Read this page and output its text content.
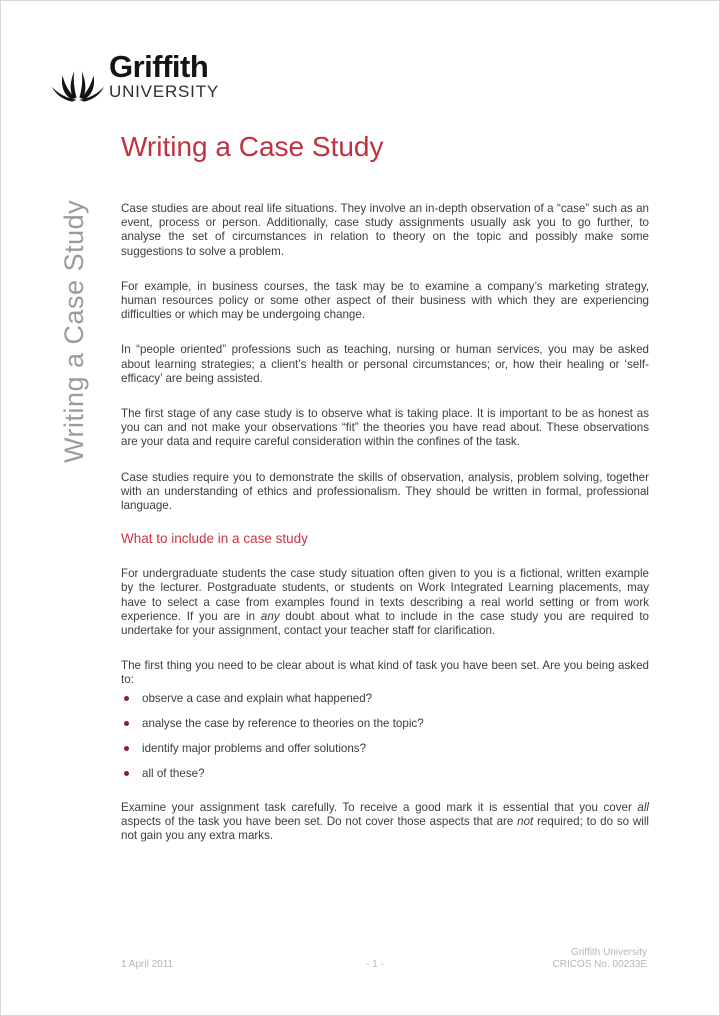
Griffith
UNIVERSITY
Writing a Case Study
Writing a Case Study

Case studies are about real life situations. They involve an in-depth observation of a “case” such as an event, process or person. Additionally, case study assignments usually ask you to go further, to analyse the set of circumstances in relation to theory on the topic and possibly make some suggestions to solve a problem.

For example, in business courses, the task may be to examine a company’s marketing strategy, human resources policy or some other aspect of their business with which they are experiencing difficulties or which may be undergoing change.

In “people oriented” professions such as teaching, nursing or human services, you may be asked about learning strategies; a client’s health or personal circumstances; or, how their healing or ‘self-efficacy’ are being assisted.

The first stage of any case study is to observe what is taking place. It is important to be as honest as you can and not make your observations “fit” the theories you have read about. These observations are your data and require careful consideration within the confines of the task.

Case studies require you to demonstrate the skills of observation, analysis, problem solving, together with an understanding of ethics and professionalism. They should be written in formal, professional language.

What to include in a case study

For undergraduate students the case study situation often given to you is a fictional, written example by the lecturer. Postgraduate students, or students on Work Integrated Learning placements, may have to select a case from examples found in texts describing a real world setting or from work experience. If you are in any doubt about what to include in the case study you are required to undertake for your assignment, contact your teacher staff for clarification.

The first thing you need to be clear about is what kind of task you have been set. Are you being asked to:

observe a case and explain what happened?
analyse the case by reference to theories on the topic?
identify major problems and offer solutions?
all of these?

Examine your assignment task carefully. To receive a good mark it is essential that you cover all aspects of the task you have been set. Do not cover those aspects that are not required; to do so will not gain you any extra marks.

1 April 2011	- 1 -
Griffith University
CRICOS No. 00233E
